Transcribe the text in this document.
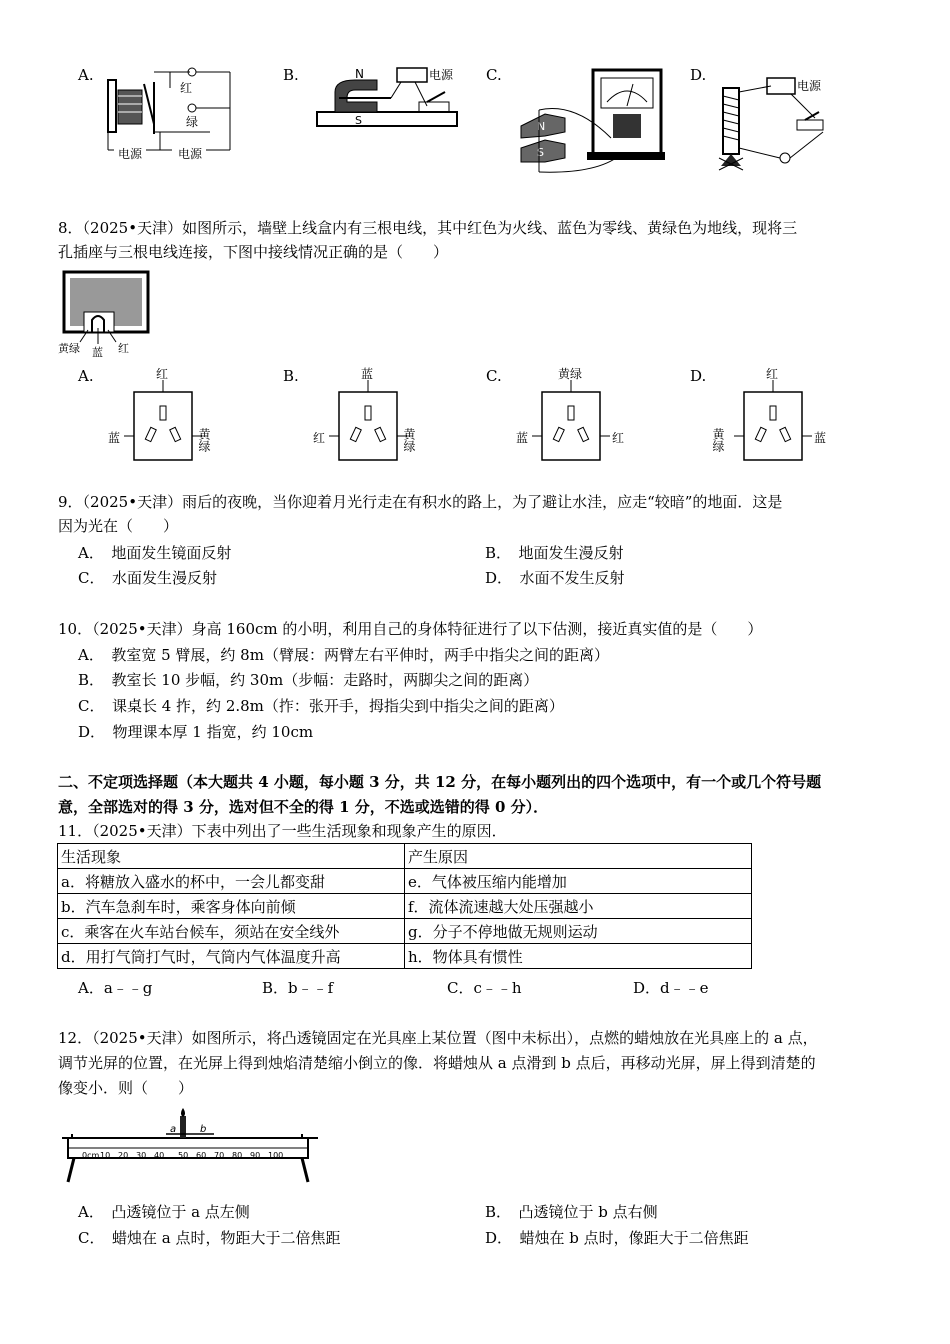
A.	B.	C.	D.
红
绿
电源	电源
N
S
电源
N
S
电源
8．（2025•天津）如图所示，墙壁上线盒内有三根电线，其中红色为火线、蓝色为零线、黄绿色为地线，现将三
孔插座与三根电线连接，下图中接线情况正确的是（　　）
黄绿 蓝 红
A.	B.	C.	D.
红
蓝	黄绿
蓝
红	黄绿
黄绿
蓝	红
红
黄绿	蓝
9．（2025•天津）雨后的夜晚，当你迎着月光行走在有积水的路上，为了避让水洼，应走“较暗”的地面．这是
因为光在（　　）
A．　地面发生镜面反射	B．　地面发生漫反射
C．　水面发生漫反射	D．　水面不发生反射
10．（2025•天津）身高 160cm 的小明，利用自己的身体特征进行了以下估测，接近真实值的是（　　）
A．　教室宽 5 臂展，约 8m（臂展：两臂左右平伸时，两手中指尖之间的距离）
B．　教室长 10 步幅，约 30m（步幅：走路时，两脚尖之间的距离）
C．　课桌长 4 拃，约 2.8m（拃：张开手，拇指尖到中指尖之间的距离）
D．　物理课本厚 1 指宽，约 10cm
二、不定项选择题（本大题共 4 小题，每小题 3 分，共 12 分，在每小题列出的四个选项中，有一个或几个符号题
意，全部选对的得 3 分，选对但不全的得 1 分，不选或选错的得 0 分）．
11．（2025•天津）下表中列出了一些生活现象和现象产生的原因．
生活现象	产生原因
a．将糖放入盛水的杯中，一会儿都变甜	e．气体被压缩内能增加
b．汽车急刹车时，乘客身体向前倾	f．流体流速越大处压强越小
c．乘客在火车站台候车，须站在安全线外	g．分子不停地做无规则运动
d．用打气筒打气时，气筒内气体温度升高	h．物体具有惯性
A．a﹣﹣g	B．b﹣﹣f	C．c﹣﹣h	D．d﹣﹣e
12．（2025•天津）如图所示，将凸透镜固定在光具座上某位置（图中未标出），点燃的蜡烛放在光具座上的 a 点，
调节光屏的位置，在光屏上得到烛焰清楚缩小倒立的像．将蜡烛从 a 点滑到 b 点后，再移动光屏，屏上得到清楚的
像变小．则（　　）
a b
0cm 10 20 30 40 50 60 70 80 90 100
A．　凸透镜位于 a 点左侧	B．　凸透镜位于 b 点右侧
C．　蜡烛在 a 点时，物距大于二倍焦距	D．　蜡烛在 b 点时，像距大于二倍焦距
